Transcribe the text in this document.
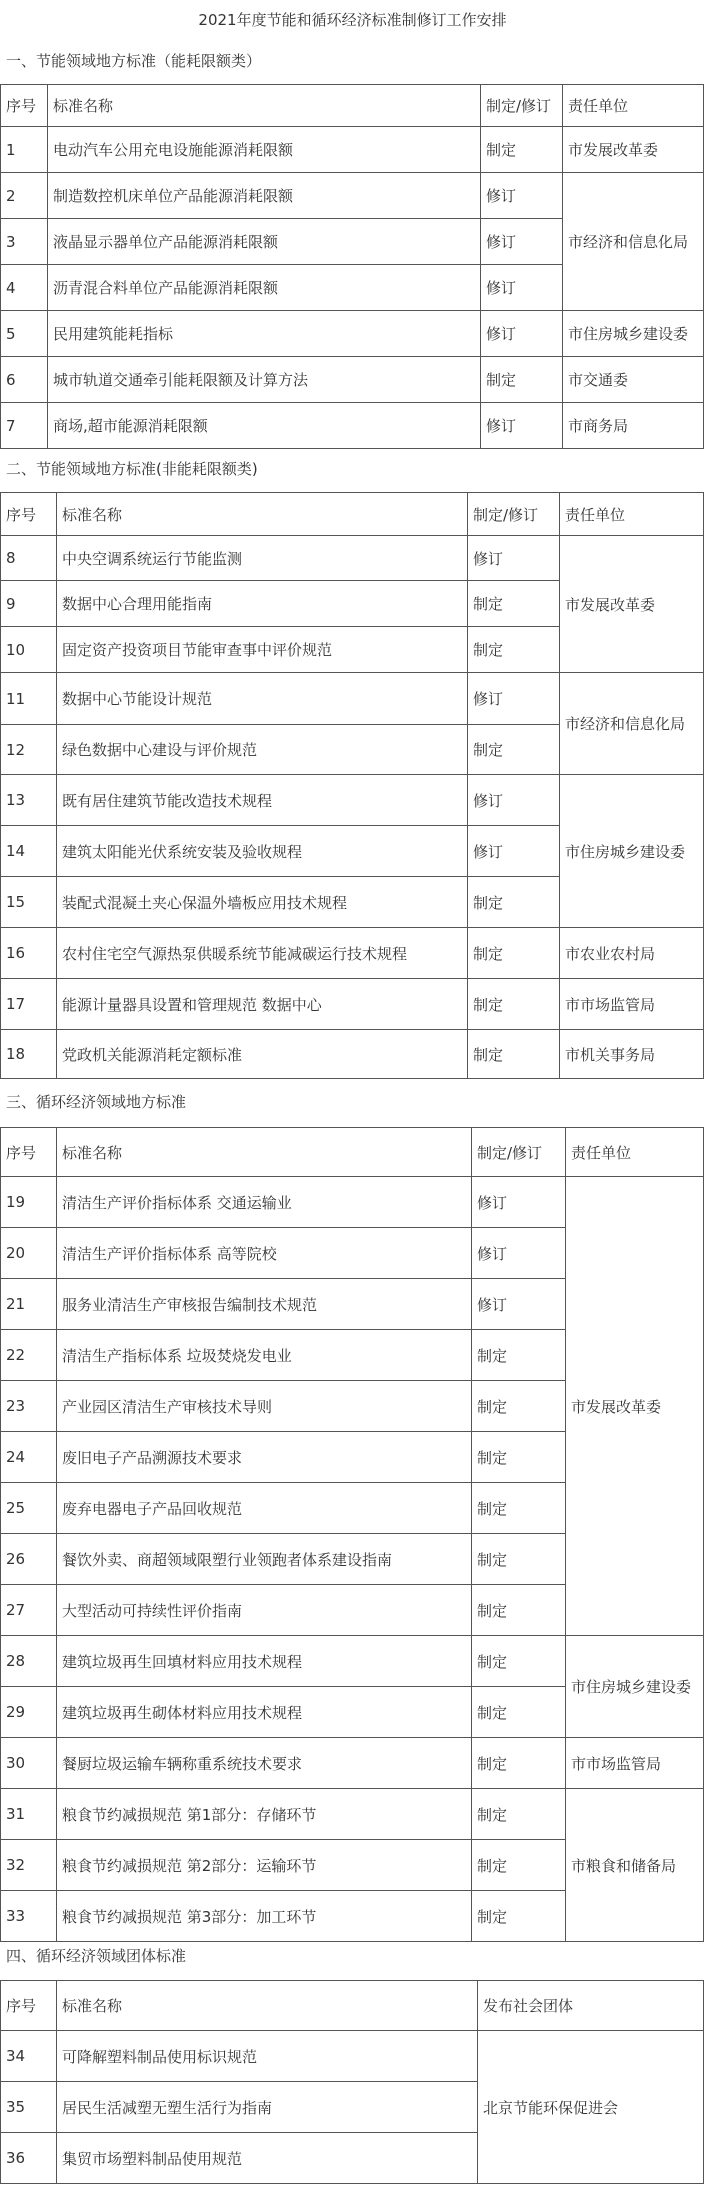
2021年度节能和循环经济标准制修订工作安排
一、节能领域地方标准（能耗限额类）
序号	标准名称	制定/修订	责任单位
1	电动汽车公用充电设施能源消耗限额	制定	市发展改革委
2	制造数控机床单位产品能源消耗限额	修订	市经济和信息化局
3	液晶显示器单位产品能源消耗限额	修订	
4	沥青混合料单位产品能源消耗限额	修订	
5	民用建筑能耗指标	修订	市住房城乡建设委
6	城市轨道交通牵引能耗限额及计算方法	制定	市交通委
7	商场,超市能源消耗限额	修订	市商务局
二、节能领域地方标准(非能耗限额类)
序号	标准名称	制定/修订	责任单位
8	中央空调系统运行节能监测	修订	市发展改革委
9	数据中心合理用能指南	制定	
10	固定资产投资项目节能审查事中评价规范	制定	
11	数据中心节能设计规范	修订	市经济和信息化局
12	绿色数据中心建设与评价规范	制定	
13	既有居住建筑节能改造技术规程	修订	市住房城乡建设委
14	建筑太阳能光伏系统安装及验收规程	修订	
15	装配式混凝土夹心保温外墙板应用技术规程	制定	
16	农村住宅空气源热泵供暖系统节能减碳运行技术规程	制定	市农业农村局
17	能源计量器具设置和管理规范 数据中心	制定	市市场监管局
18	党政机关能源消耗定额标准	制定	市机关事务局
三、循环经济领域地方标准
序号	标准名称	制定/修订	责任单位
19	清洁生产评价指标体系 交通运输业	修订	市发展改革委
20	清洁生产评价指标体系 高等院校	修订	
21	服务业清洁生产审核报告编制技术规范	修订	
22	清洁生产指标体系 垃圾焚烧发电业	制定	
23	产业园区清洁生产审核技术导则	制定	
24	废旧电子产品溯源技术要求	制定	
25	废弃电器电子产品回收规范	制定	
26	餐饮外卖、商超领域限塑行业领跑者体系建设指南	制定	
27	大型活动可持续性评价指南	制定	
28	建筑垃圾再生回填材料应用技术规程	制定	市住房城乡建设委
29	建筑垃圾再生砌体材料应用技术规程	制定	
30	餐厨垃圾运输车辆称重系统技术要求	制定	市市场监管局
31	粮食节约减损规范 第1部分：存储环节	制定	市粮食和储备局
32	粮食节约减损规范 第2部分：运输环节	制定	
33	粮食节约减损规范 第3部分：加工环节	制定	
四、循环经济领域团体标准
序号	标准名称	发布社会团体
34	可降解塑料制品使用标识规范	北京节能环保促进会
35	居民生活减塑无塑生活行为指南	
36	集贸市场塑料制品使用规范	
